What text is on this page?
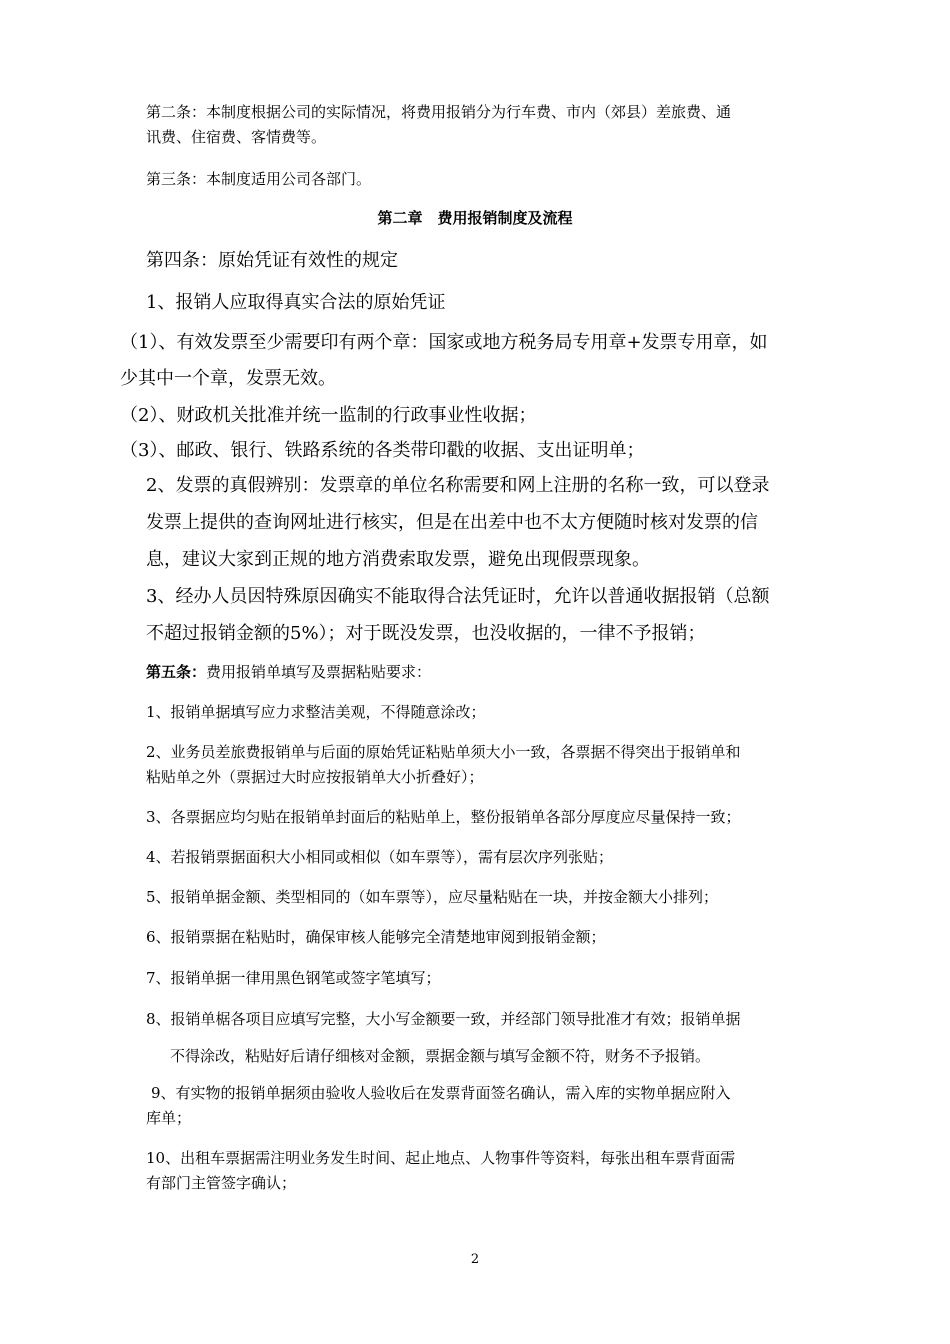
第二条：本制度根据公司的实际情况，将费用报销分为行车费、市内（郊县）差旅费、通

讯费、住宿费、客情费等。

第三条：本制度适用公司各部门。

第二章　费用报销制度及流程

第四条：原始凭证有效性的规定

1、报销人应取得真实合法的原始凭证

（1）、有效发票至少需要印有两个章：国家或地方税务局专用章+发票专用章，如

少其中一个章，发票无效。

（2）、财政机关批准并统一监制的行政事业性收据；

（3）、邮政、银行、铁路系统的各类带印戳的收据、支出证明单；

2、发票的真假辨别：发票章的单位名称需要和网上注册的名称一致，可以登录

发票上提供的查询网址进行核实，但是在出差中也不太方便随时核对发票的信

息，建议大家到正规的地方消费索取发票，避免出现假票现象。

3、经办人员因特殊原因确实不能取得合法凭证时，允许以普通收据报销（总额

不超过报销金额的5%）；对于既没发票，也没收据的，一律不予报销；

第五条：费用报销单填写及票据粘贴要求：

1、报销单据填写应力求整洁美观，不得随意涂改；

2、业务员差旅费报销单与后面的原始凭证粘贴单须大小一致，各票据不得突出于报销单和

粘贴单之外（票据过大时应按报销单大小折叠好）；

3、各票据应均匀贴在报销单封面后的粘贴单上，整份报销单各部分厚度应尽量保持一致；

4、若报销票据面积大小相同或相似（如车票等），需有层次序列张贴；

5、报销单据金额、类型相同的（如车票等），应尽量粘贴在一块，并按金额大小排列；

6、报销票据在粘贴时，确保审核人能够完全清楚地审阅到报销金额；

7、报销单据一律用黑色钢笔或签字笔填写；

8、报销单椐各项目应填写完整，大小写金额要一致，并经部门领导批准才有效；报销单据

不得涂改，粘贴好后请仔细核对金额，票据金额与填写金额不符，财务不予报销。

9、有实物的报销单据须由验收人验收后在发票背面签名确认，需入库的实物单据应附入

库单；

10、出租车票据需注明业务发生时间、起止地点、人物事件等资料，每张出租车票背面需

有部门主管签字确认；

2
